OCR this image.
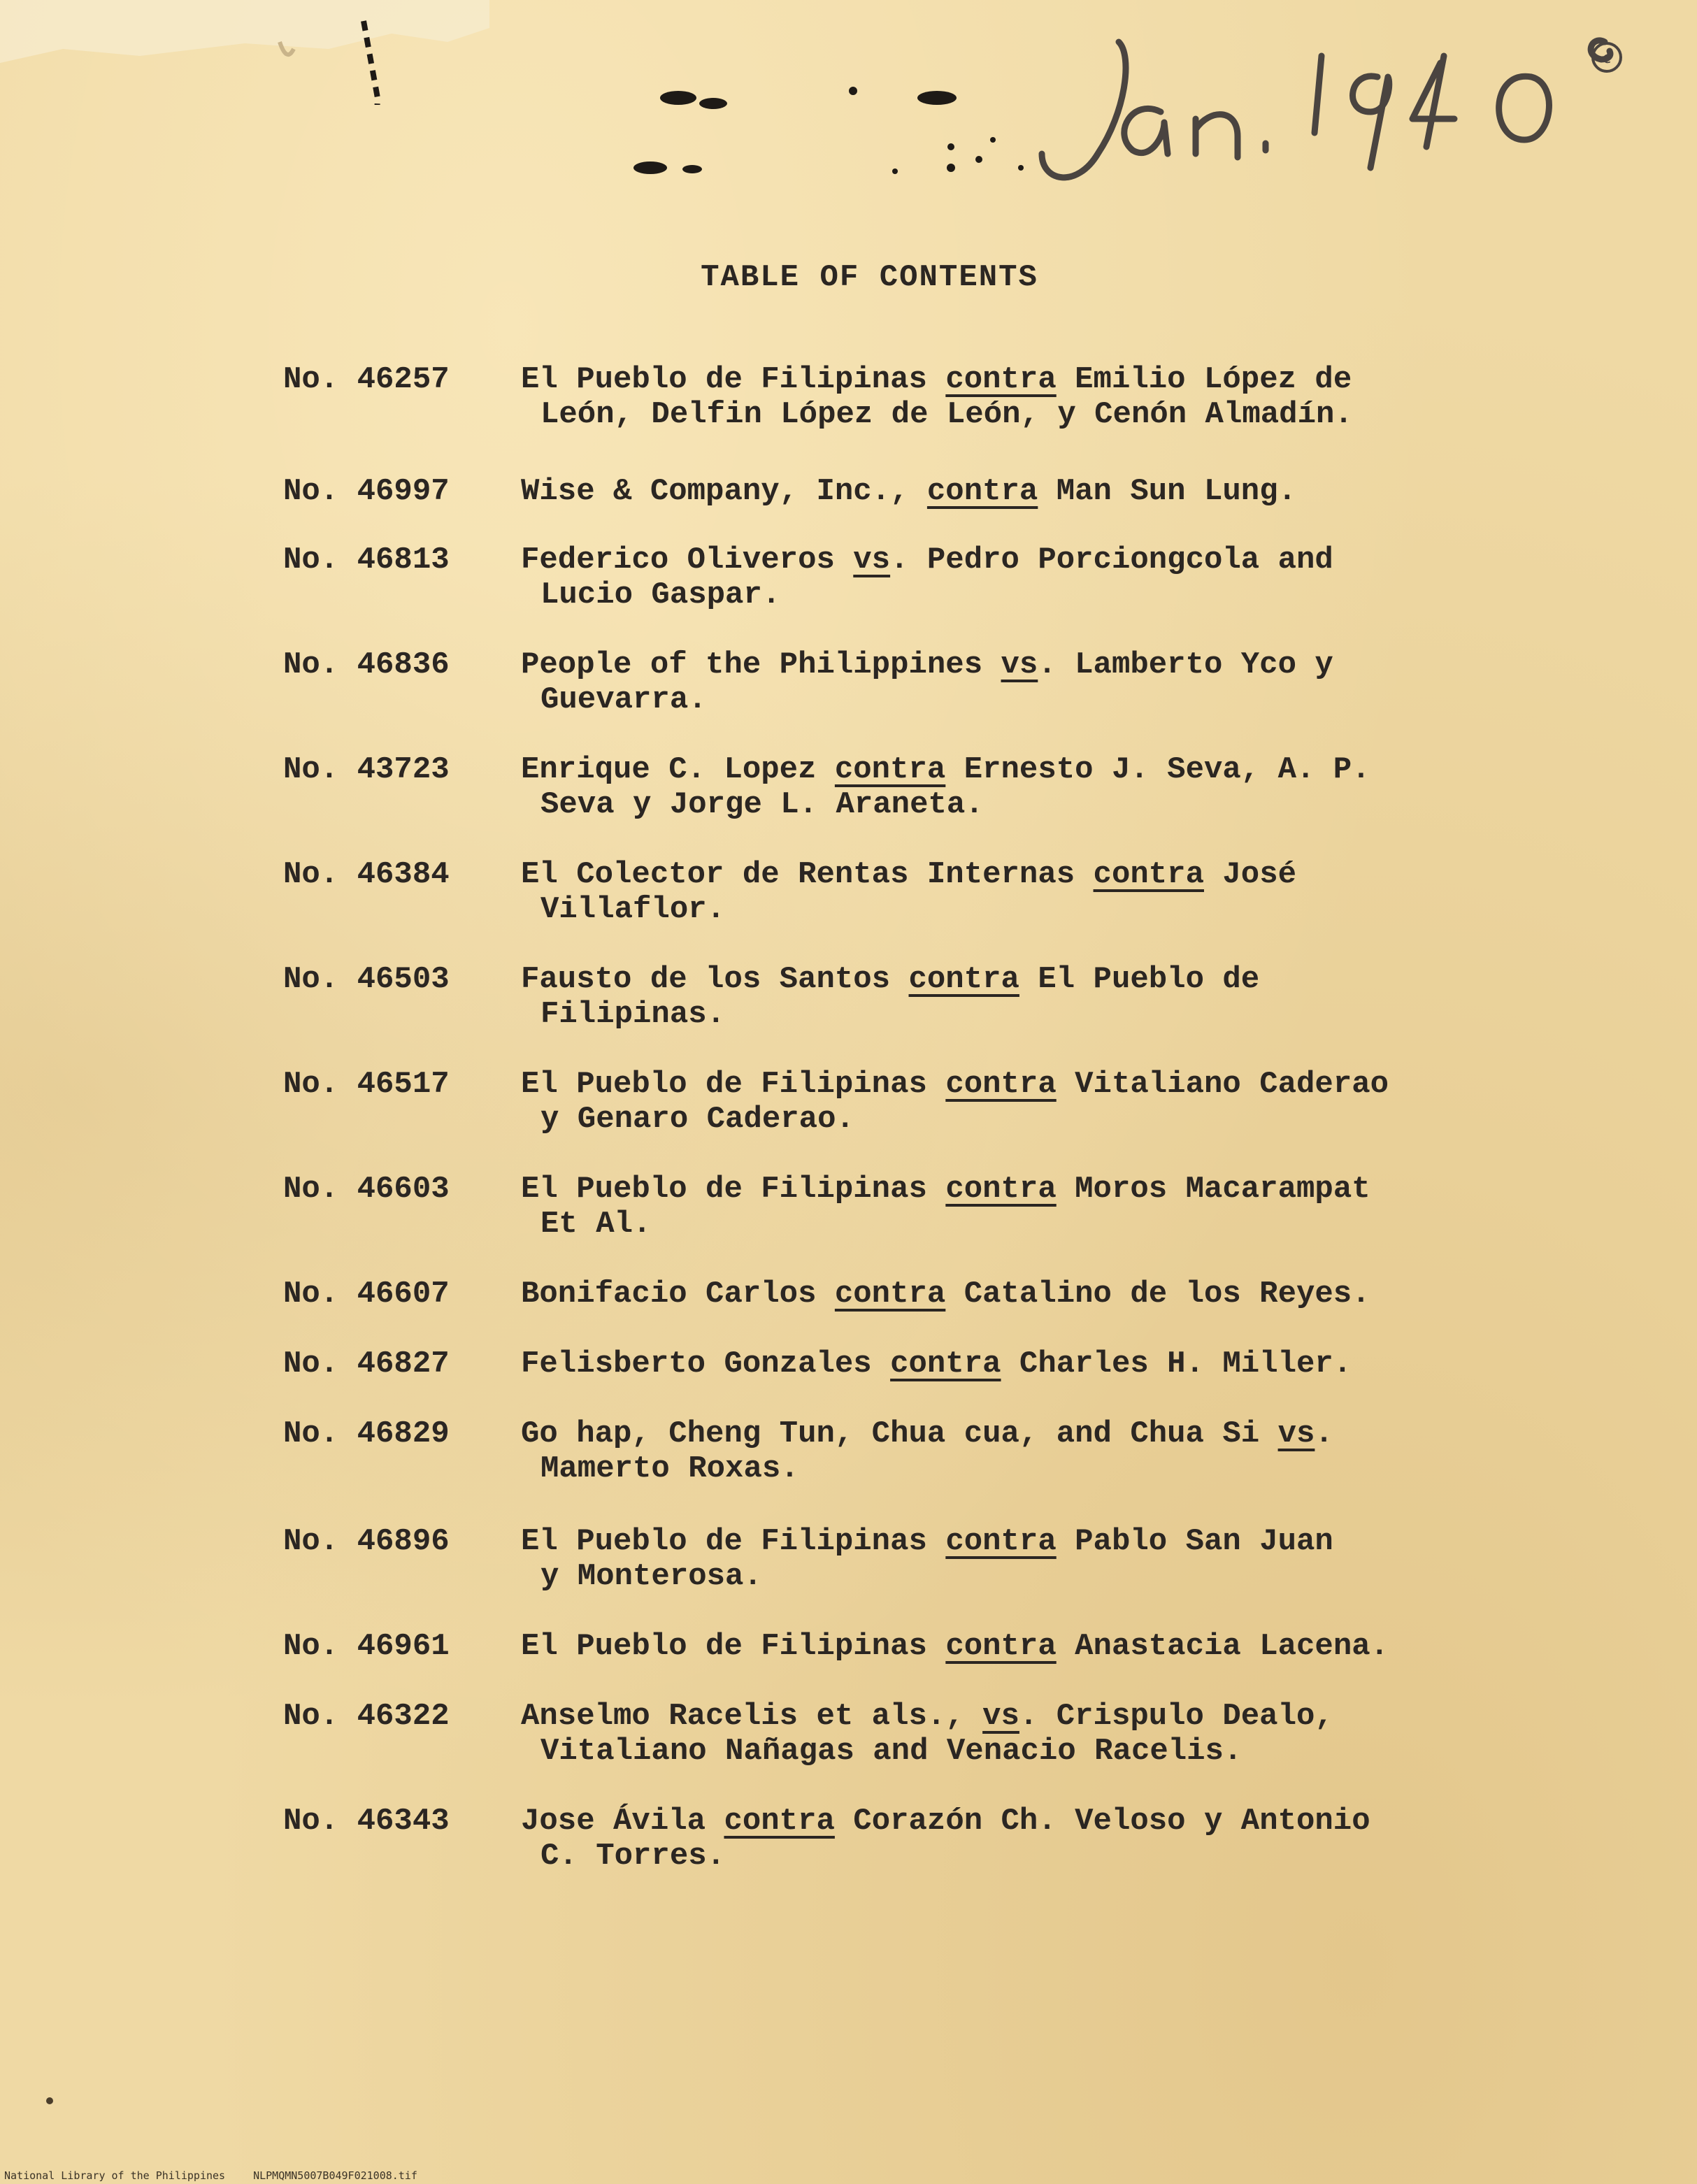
TABLE OF CONTENTS
No. 46257	El Pueblo de Filipinas contra Emilio López de
León, Delfin López de León, y Cenón Almadín.
No. 46997	Wise & Company, Inc., contra Man Sun Lung.
No. 46813	Federico Oliveros vs. Pedro Porciongcola and
Lucio Gaspar.
No. 46836	People of the Philippines vs. Lamberto Yco y
Guevarra.
No. 43723	Enrique C. Lopez contra Ernesto J. Seva, A. P.
Seva y Jorge L. Araneta.
No. 46384	El Colector de Rentas Internas contra José
Villaflor.
No. 46503	Fausto de los Santos contra El Pueblo de
Filipinas.
No. 46517	El Pueblo de Filipinas contra Vitaliano Caderao
y Genaro Caderao.
No. 46603	El Pueblo de Filipinas contra Moros Macarampat
Et Al.
No. 46607	Bonifacio Carlos contra Catalino de los Reyes.
No. 46827	Felisberto Gonzales contra Charles H. Miller.
No. 46829	Go hap, Cheng Tun, Chua cua, and Chua Si vs.
Mamerto Roxas.
No. 46896	El Pueblo de Filipinas contra Pablo San Juan
y Monterosa.
No. 46961	El Pueblo de Filipinas contra Anastacia Lacena.
No. 46322	Anselmo Racelis et als., vs. Crispulo Dealo,
Vitaliano Nañagas and Venacio Racelis.
No. 46343	Jose Ávila contra Corazón Ch. Veloso y Antonio
C. Torres.
National Library of the Philippines	NLPMQMN5007B049F021008.tif
c
